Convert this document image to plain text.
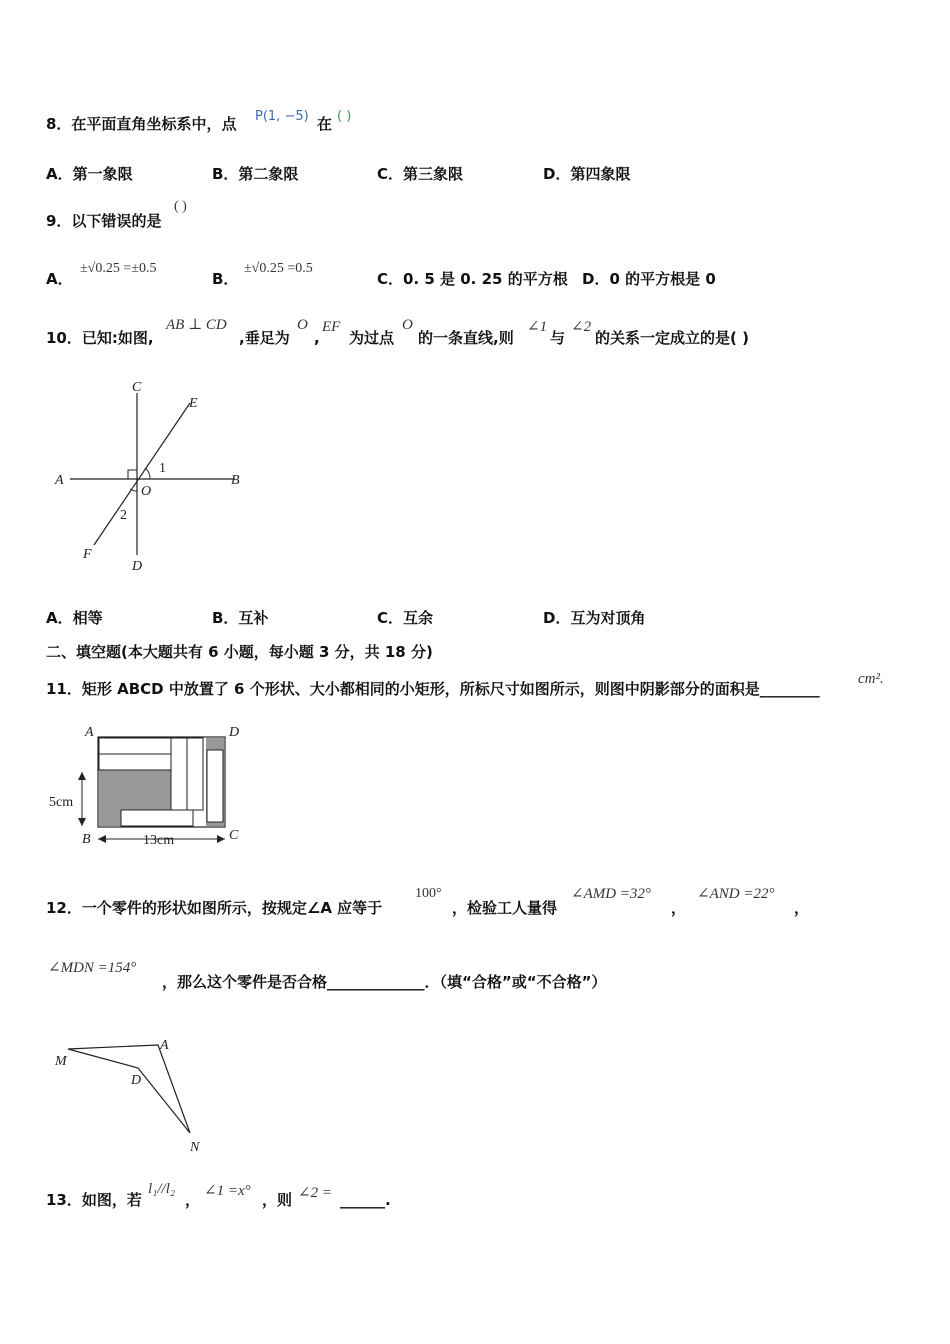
8．在平面直角坐标系中，点 P(1, −5) 在 ( )
A．第一象限	B．第二象限	C．第三象限	D．第四象限
9．以下错误的是
( )
A．
±√0.25 =±0.5
B．
±√0.25 =0.5
C．0. 5 是 0. 25 的平方根 D．0 的平方根是 0
10．已知:如图,
AB ⊥ CD
,垂足为
O
,
EF
为过点
O
的一条直线,则
∠1
与
∠2
的关系一定成立的是( )
A	B
C
D
E
F
O
1
2
A．相等	B．互补	C．互余	D．互为对顶角
二、填空题(本大题共有 6 小题，每小题 3 分，共 18 分)
11．矩形 ABCD 中放置了 6 个形状、大小都相同的小矩形，所标尺寸如图所示，则图中阴影部分的面积是________
cm².
A	D
B	C
5cm
13cm
12．一个零件的形状如图所示，按规定∠A 应等于
100°
，检验工人量得
∠AMD =32°
，
∠AND =22°
，
∠MDN =154°
，那么这个零件是否合格_____________．（填“合格”或“不合格”）
M
A
D
N
13．如图，若
l₁//l₂
， ∠1 =x° ，则 ∠2 = ______.
